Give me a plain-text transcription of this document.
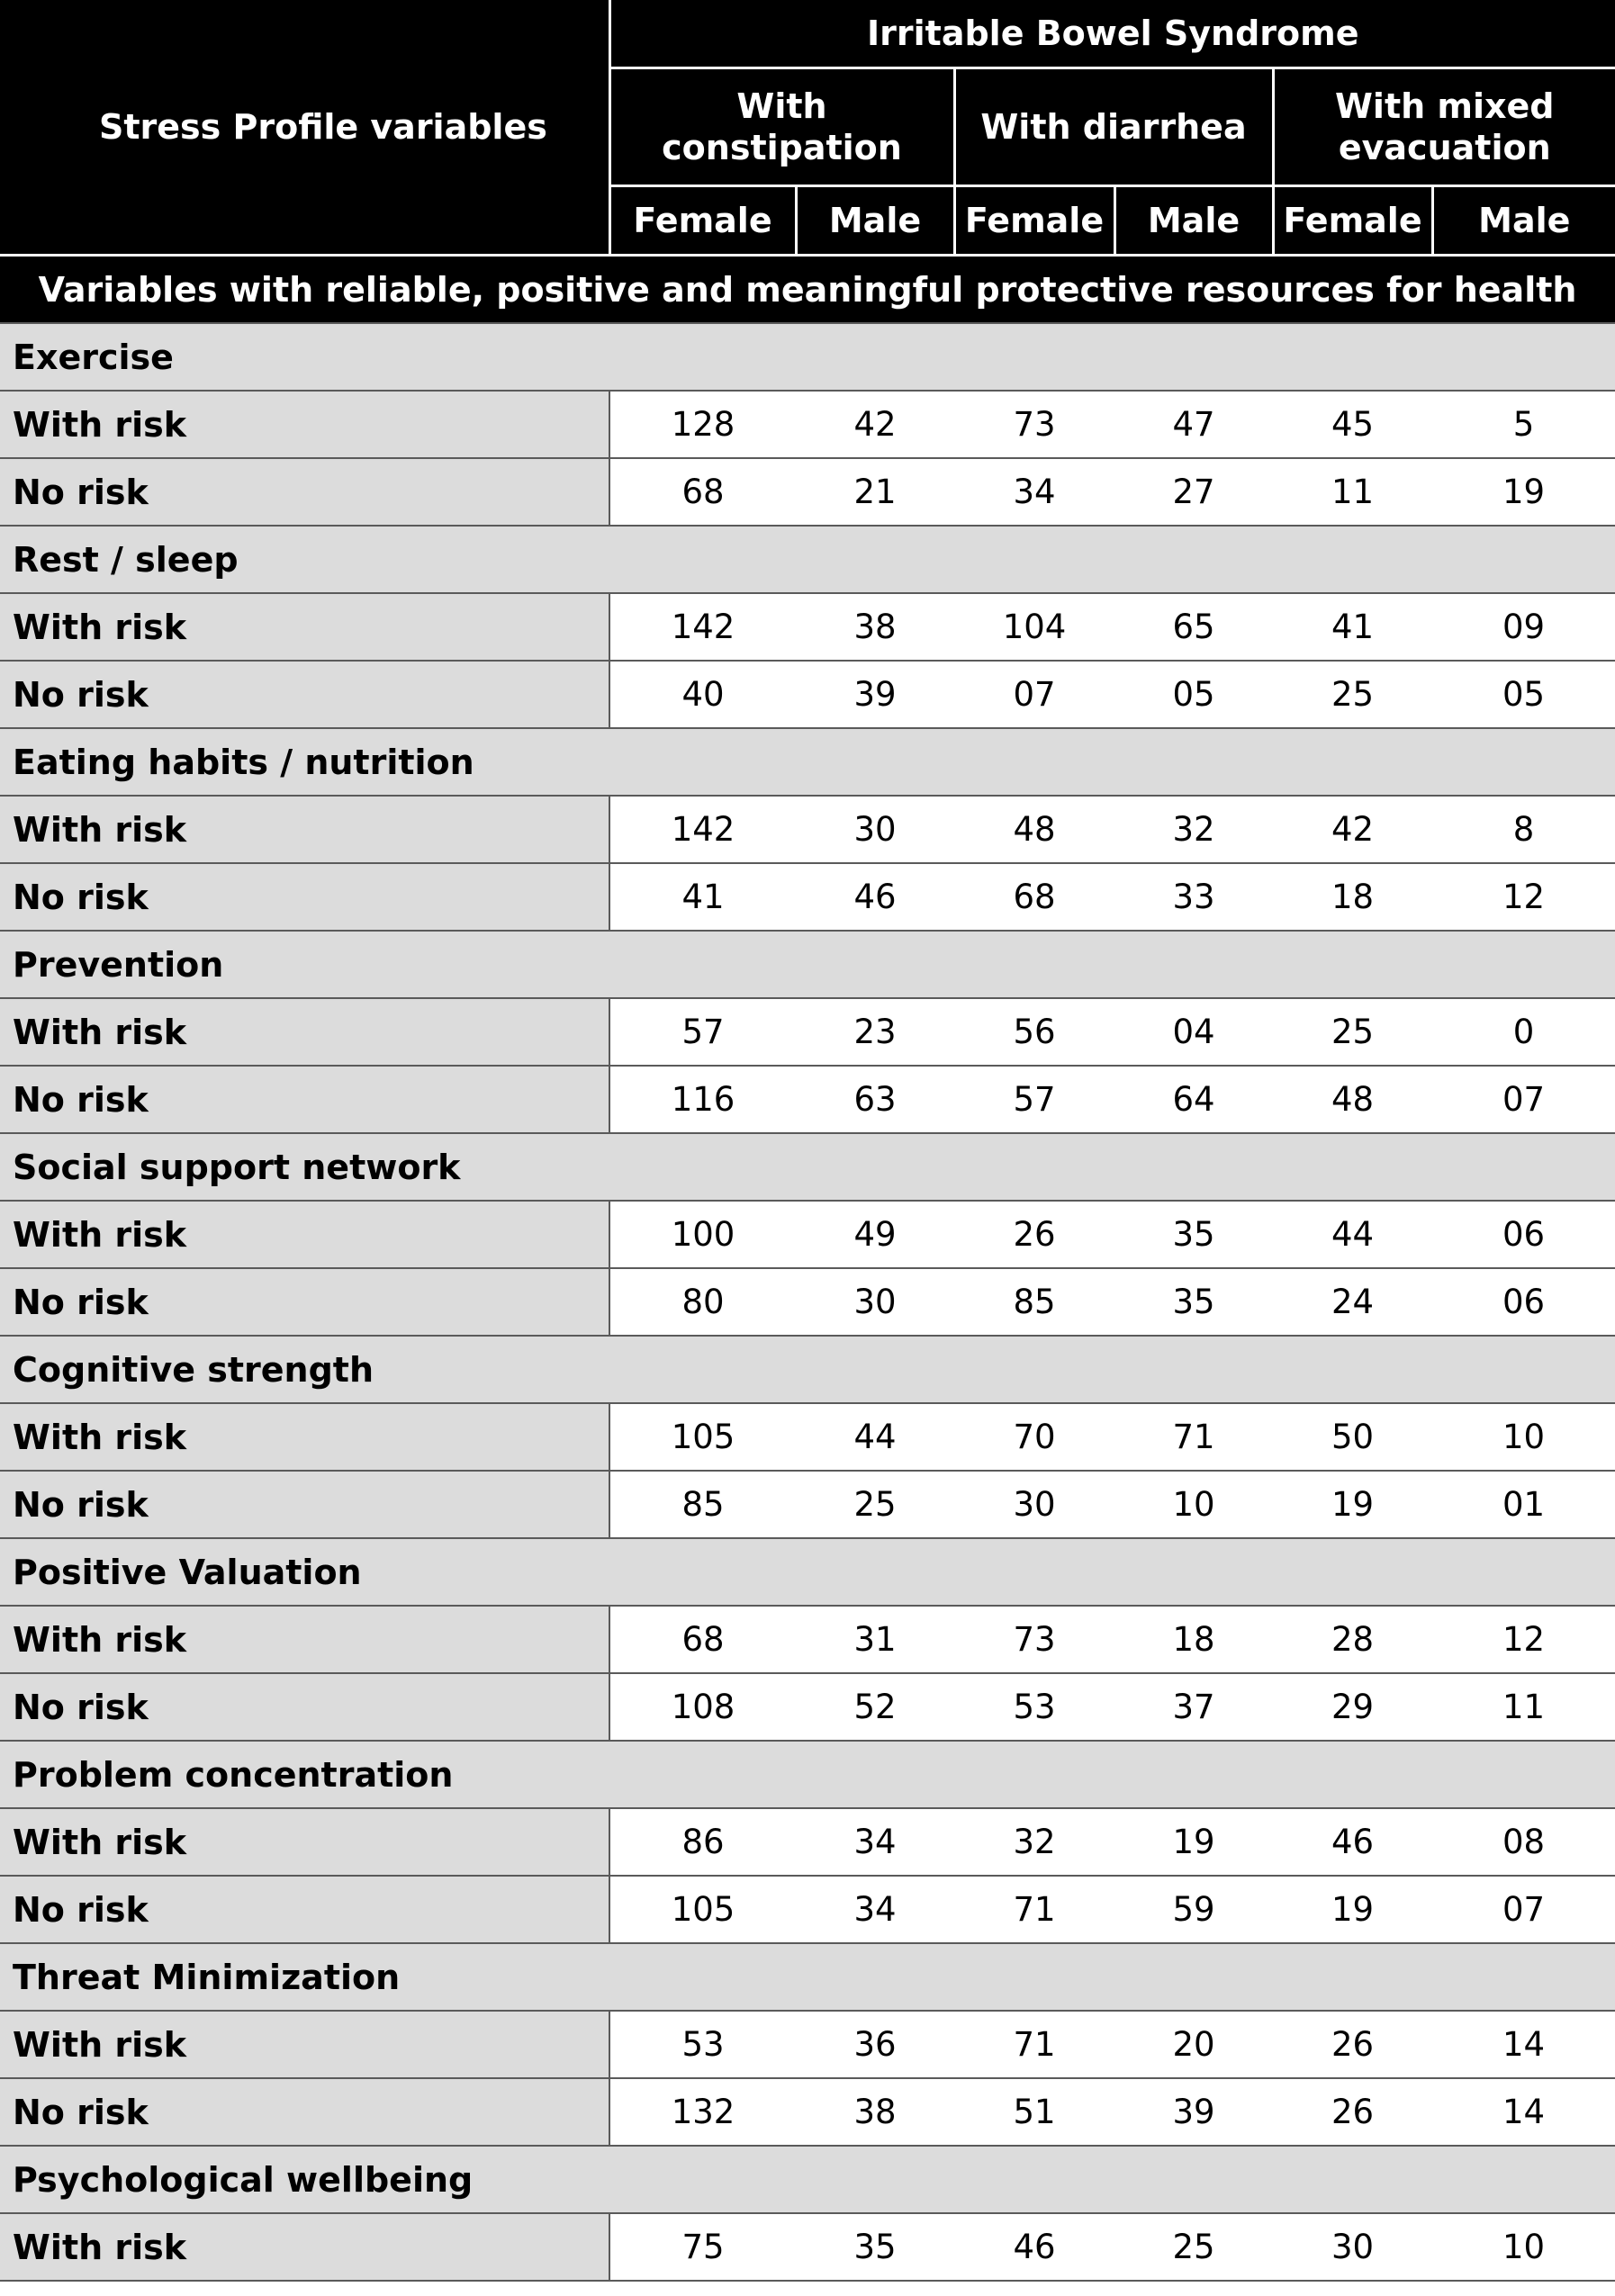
Stress Profile variables	Irritable Bowel Syndrome					
	With constipation		With diarrhea		With mixed evacuation	
	Female	Male	Female	Male	Female	Male
Variables with reliable, positive and meaningful protective resources for health						
Exercise						
With risk	128	42	73	47	45	5
No risk	68	21	34	27	11	19
Rest / sleep						
With risk	142	38	104	65	41	09
No risk	40	39	07	05	25	05
Eating habits / nutrition						
With risk	142	30	48	32	42	8
No risk	41	46	68	33	18	12
Prevention						
With risk	57	23	56	04	25	0
No risk	116	63	57	64	48	07
Social support network						
With risk	100	49	26	35	44	06
No risk	80	30	85	35	24	06
Cognitive strength						
With risk	105	44	70	71	50	10
No risk	85	25	30	10	19	01
Positive Valuation						
With risk	68	31	73	18	28	12
No risk	108	52	53	37	29	11
Problem concentration						
With risk	86	34	32	19	46	08
No risk	105	34	71	59	19	07
Threat Minimization						
With risk	53	36	71	20	26	14
No risk	132	38	51	39	26	14
Psychological wellbeing						
With risk	75	35	46	25	30	10
